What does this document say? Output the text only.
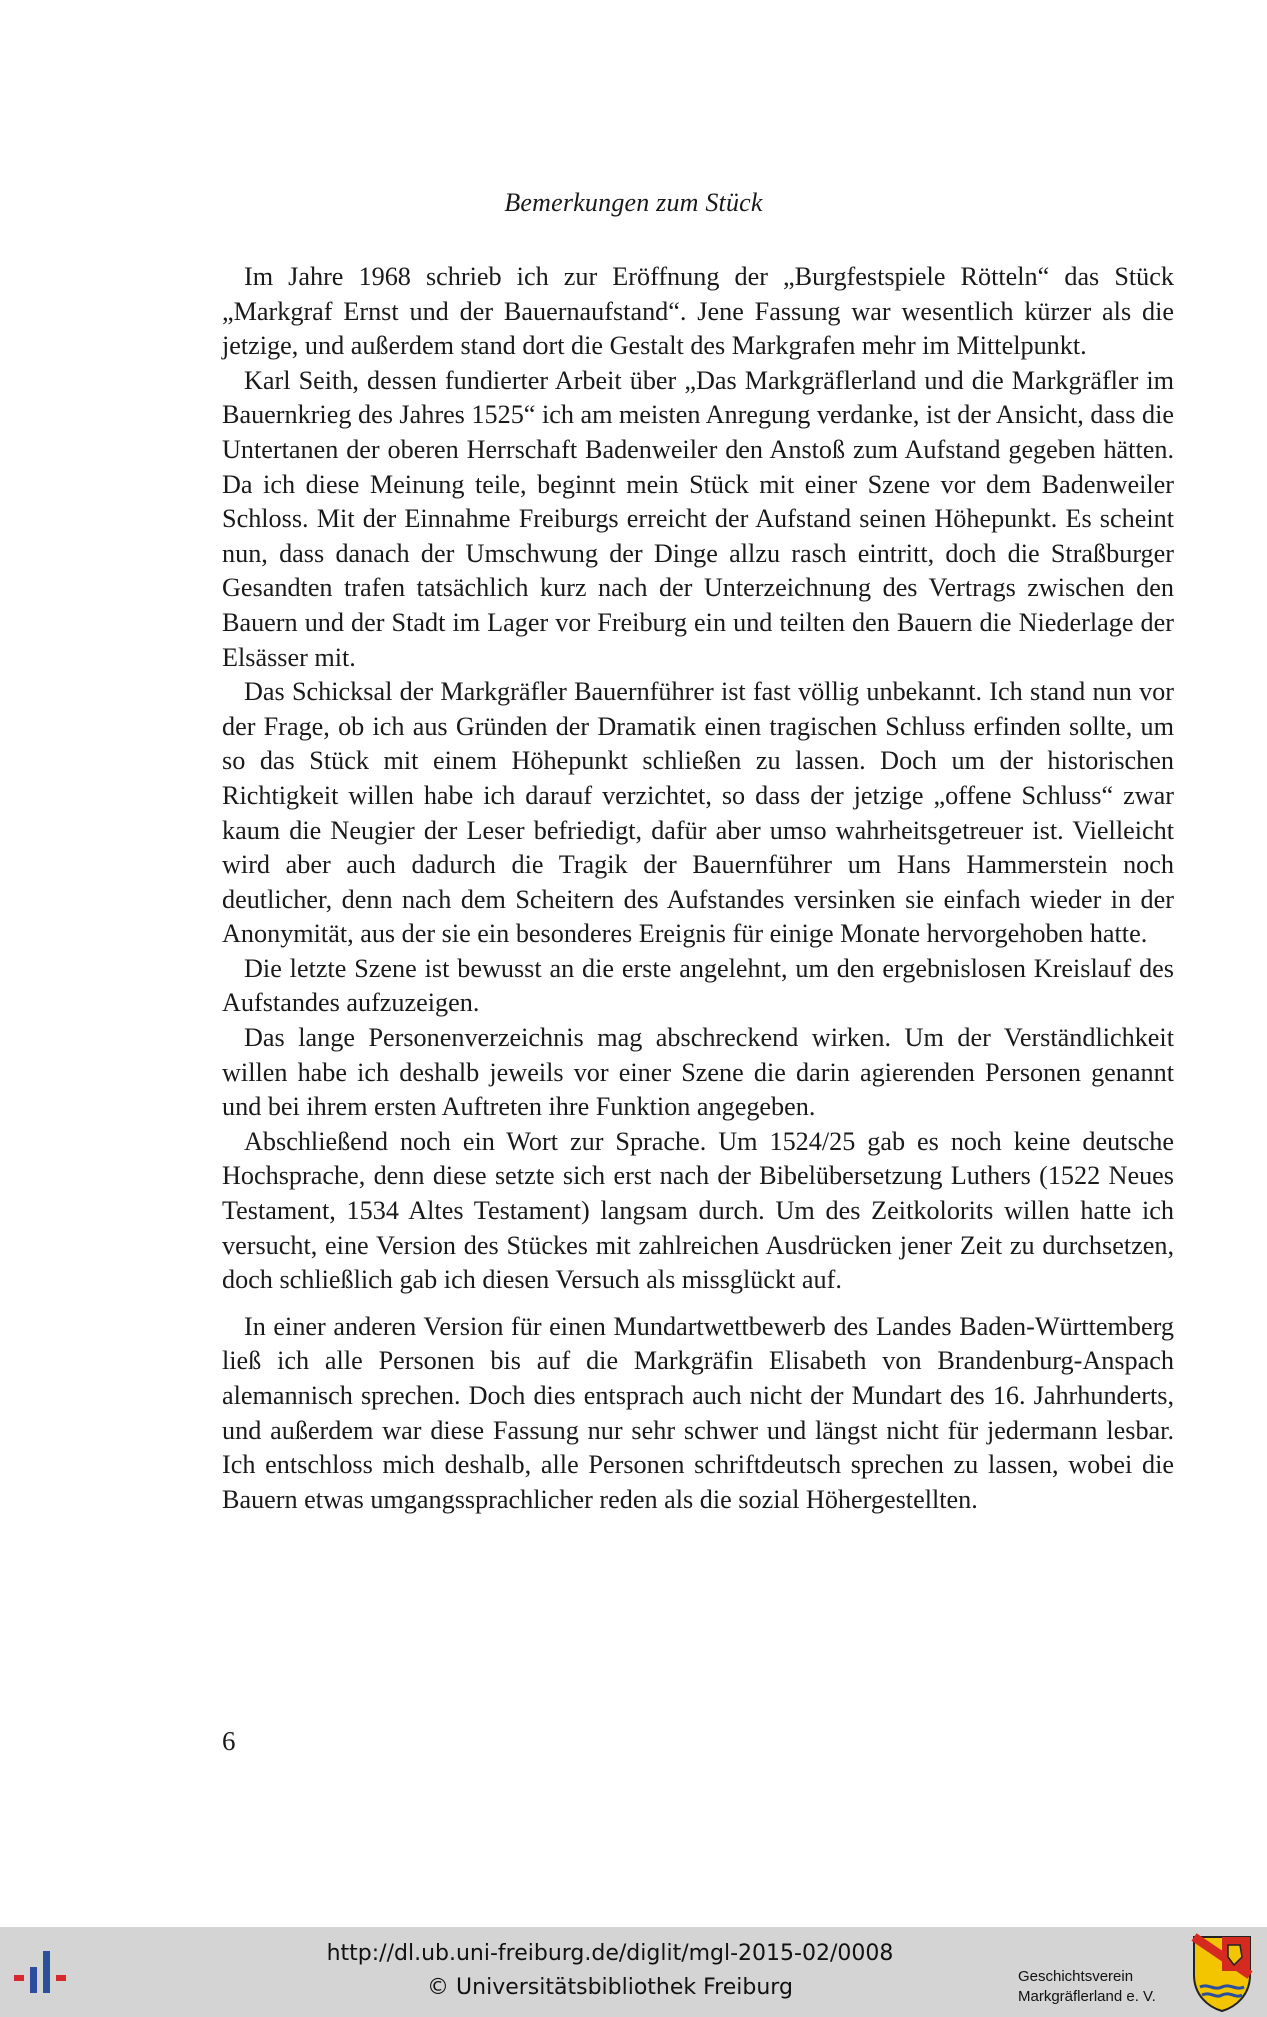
Bemerkungen zum Stück

Im Jahre 1968 schrieb ich zur Eröffnung der „Burgfestspiele Rötteln“ das Stück „Markgraf Ernst und der Bauernaufstand“. Jene Fassung war wesentlich kürzer als die jetzige, und außerdem stand dort die Gestalt des Markgrafen mehr im Mittelpunkt.

Karl Seith, dessen fundierter Arbeit über „Das Markgräflerland und die Markgräfler im Bauernkrieg des Jahres 1525“ ich am meisten Anregung verdanke, ist der Ansicht, dass die Untertanen der oberen Herrschaft Badenweiler den Anstoß zum Aufstand gegeben hätten. Da ich diese Meinung teile, beginnt mein Stück mit einer Szene vor dem Badenweiler Schloss. Mit der Einnahme Freiburgs erreicht der Aufstand seinen Höhepunkt. Es scheint nun, dass danach der Umschwung der Dinge allzu rasch eintritt, doch die Straßburger Gesandten trafen tatsächlich kurz nach der Unterzeichnung des Vertrags zwischen den Bauern und der Stadt im Lager vor Freiburg ein und teilten den Bauern die Niederlage der Elsässer mit.

Das Schicksal der Markgräfler Bauernführer ist fast völlig unbekannt. Ich stand nun vor der Frage, ob ich aus Gründen der Dramatik einen tragischen Schluss erfinden sollte, um so das Stück mit einem Höhepunkt schließen zu lassen. Doch um der historischen Richtigkeit willen habe ich darauf verzichtet, so dass der jetzige „offene Schluss“ zwar kaum die Neugier der Leser befriedigt, dafür aber umso wahrheitsgetreuer ist. Vielleicht wird aber auch dadurch die Tragik der Bauernführer um Hans Hammerstein noch deutlicher, denn nach dem Scheitern des Aufstandes versinken sie einfach wieder in der Anonymität, aus der sie ein besonderes Ereignis für einige Monate hervorgehoben hatte.

Die letzte Szene ist bewusst an die erste angelehnt, um den ergebnislosen Kreislauf des Aufstandes aufzuzeigen.

Das lange Personenverzeichnis mag abschreckend wirken. Um der Verständlichkeit willen habe ich deshalb jeweils vor einer Szene die darin agierenden Personen genannt und bei ihrem ersten Auftreten ihre Funktion angegeben.

Abschließend noch ein Wort zur Sprache. Um 1524/25 gab es noch keine deutsche Hochsprache, denn diese setzte sich erst nach der Bibelübersetzung Luthers (1522 Neues Testament, 1534 Altes Testament) langsam durch. Um des Zeitkolorits willen hatte ich versucht, eine Version des Stückes mit zahlreichen Ausdrücken jener Zeit zu durchsetzen, doch schließlich gab ich diesen Versuch als missglückt auf.

In einer anderen Version für einen Mundartwettbewerb des Landes Baden-Württemberg ließ ich alle Personen bis auf die Markgräfin Elisabeth von Brandenburg-Anspach alemannisch sprechen. Doch dies entsprach auch nicht der Mundart des 16. Jahrhunderts, und außerdem war diese Fassung nur sehr schwer und längst nicht für jedermann lesbar. Ich entschloss mich deshalb, alle Personen schriftdeutsch sprechen zu lassen, wobei die Bauern etwas umgangssprachlicher reden als die sozial Höhergestellten.

6
http://dl.ub.uni-freiburg.de/diglit/mgl-2015-02/0008
© Universitätsbibliothek Freiburg	Geschichtsverein
Markgräflerland e. V.
